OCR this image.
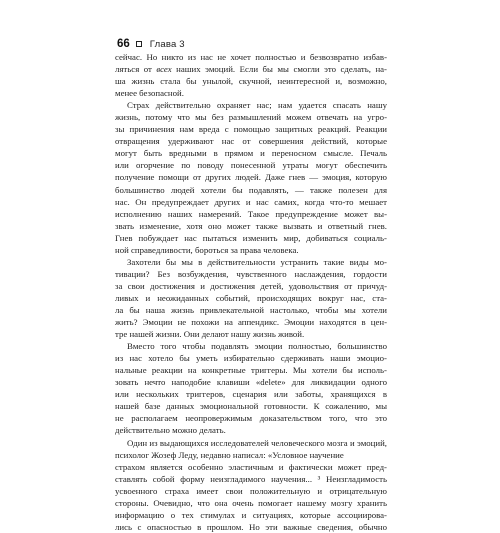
66 Глава 3
сейчас. Но никто из нас не хочет полностью и безвозвратно избав-
ляться от всех наших эмоций. Если бы мы смогли это сделать, на-
ша жизнь стала бы унылой, скучной, неинтересной и, возможно,
менее безопасной.
Страх действительно охраняет нас; нам удается спасать нашу
жизнь, потому что мы без размышлений можем отвечать на угро-
зы причинения нам вреда с помощью защитных реакций. Реакции
отвращения удерживают нас от совершения действий, которые
могут быть вредными в прямом и переносном смысле. Печаль
или огорчение по поводу понесенной утраты могут обеспечить
получение помощи от других людей. Даже гнев — эмоция, которую
большинство людей хотели бы подавлять, — также полезен для
нас. Он предупреждает других и нас самих, когда что-то мешает
исполнению наших намерений. Такое предупреждение может вы-
звать изменение, хотя оно может также вызвать и ответный гнев.
Гнев побуждает нас пытаться изменить мир, добиваться социаль-
ной справедливости, бороться за права человека.
Захотели бы мы в действительности устранить такие виды мо-
тивации? Без возбуждения, чувственного наслаждения, гордости
за свои достижения и достижения детей, удовольствия от причуд-
ливых и неожиданных событий, происходящих вокруг нас, ста-
ла бы наша жизнь привлекательной настолько, чтобы мы хотели
жить? Эмоции не похожи на аппендикс. Эмоции находятся в цен-
тре нашей жизни. Они делают нашу жизнь живой.
Вместо того чтобы подавлять эмоции полностью, большинство
из нас хотело бы уметь избирательно сдерживать наши эмоцио-
нальные реакции на конкретные триггеры. Мы хотели бы исполь-
зовать нечто наподобие клавиши «delete» для ликвидации одного
или нескольких триггеров, сценария или заботы, хранящихся в
нашей базе данных эмоциональной готовности. К сожалению, мы
не располагаем неопровержимым доказательством того, что это
действительно можно делать.
Один из выдающихся исследователей человеческого мозга и эмоций,
психолог Жозеф Леду, недавно написал: «Условное научение
страхом является особенно эластичным и фактически может пред-
ставлять собой форму неизгладимого научения... ³ Неизгладимость
усвоенного страха имеет свои положительную и отрицательную
стороны. Очевидно, что она очень помогает нашему мозгу хранить
информацию о тех стимулах и ситуациях, которые ассоциирова-
лись с опасностью в прошлом. Но эти важные сведения, обычно
